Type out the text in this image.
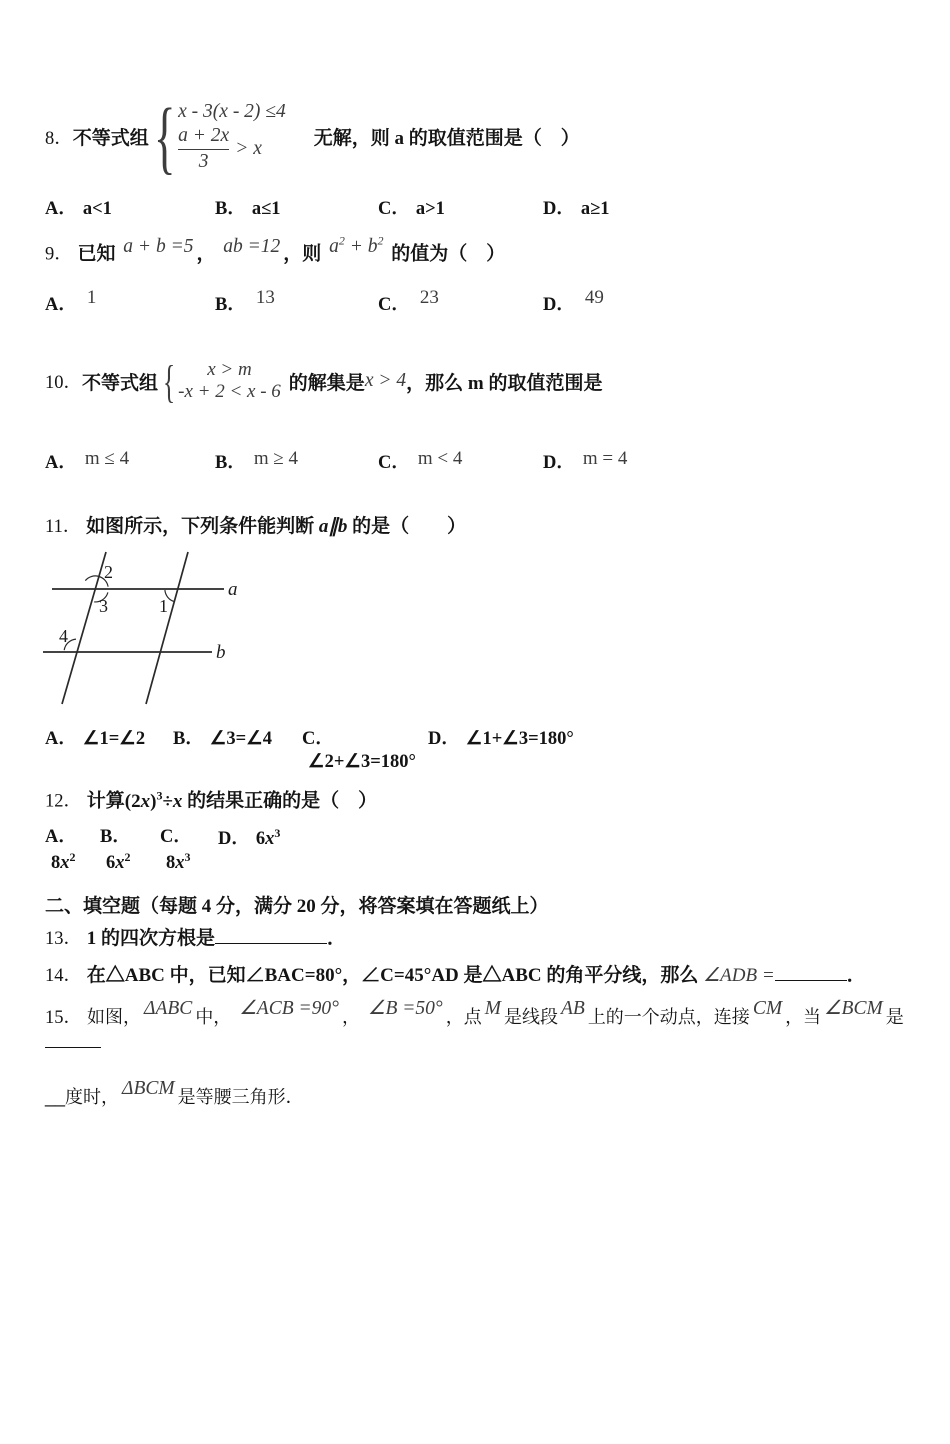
8． 不等式组 { x - 3(x - 2) ≤4
$\frac{a + 2x}{3} > x$	无解，则 a 的取值范围是（　）
A． a<1	B． a≤1	C． a>1	D． a≥1
9． 已知 a + b =5 ， ab =12 ，则 $a^2 + b^2$ 的值为（　）
A． 1	B． 13	C． 23	D． 49
10． 不等式组 { x > m
-x + 2 < x - 6 的解集是 x > 4 ，那么 m 的取值范围是
A． m ≤ 4	B． m ≥ 4	C． m < 4	D． m = 4
11． 如图所示，下列条件能判断 a∥b 的是（　　）
a
b
2
3	1
4
A． ∠1=∠2	B． ∠3=∠4	C．∠2+∠3=180°
D． ∠1+∠3=180°
12． 计算$(2x)^3\div x$ 的结果正确的是（　）
A．$8x^2$
B．$6x^2$
C．$8x^3$
D． $6x^3$
二、填空题（每题 4 分，满分 20 分，将答案填在答题纸上）
13． 1 的四次方根是	．
14． 在△ABC 中，已知∠BAC=80°，∠C=45°AD 是△ABC 的角平分线，那么 ∠ADB =	．
15． 如图， ΔABC 中， ∠ACB =90° ， ∠B =50° ，点 M 是线段 AB 上的一个动点，连接 CM ，当 ∠BCM 是
__度时， ΔBCM 是等腰三角形．
